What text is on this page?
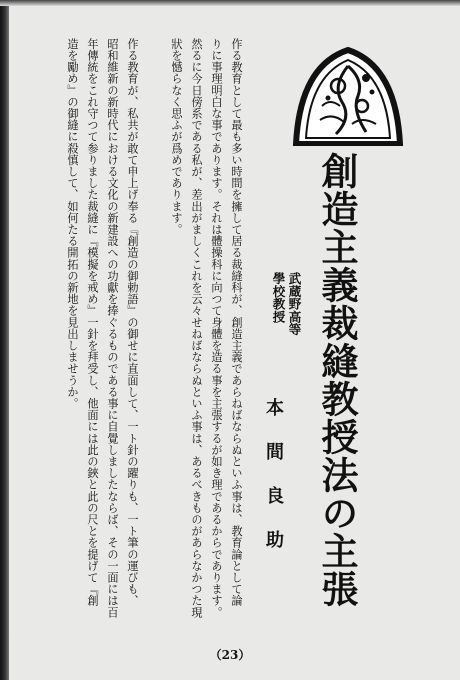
作る教育として最も多い時間を擁して居る裁縫科が、創造主義であらねばならぬといふ事は、教育論として論
りに事理明白な事であります。それは體操科に向つて身體を造る事を主張するが如き理であるからであります。
然るに今日傍系である私が、差出がましくこれを云々せねばならぬといふ事は、あるべきものがあらなかつた現
狀を憾らなく思ふが爲めであります。
作る教育が、私共が敢て申上げ奉る『創造の御勅語』の御せに直面して、一ト針の躍りも、一ト筆の運びも、
昭和維新の新時代における文化の新建設への功獻を捧ぐるものである事に自覺しましたならば、その一面には百
年傳統をこれ守つて参りました裁縫に『模擬を戒め』一針を拜受し、他面には此の鋏と此の尺とを提げて『創
造を勵め』の御縫に殺慎して、如何たる開拓の新地を見出しませうか。	創造主義裁縫教授法の主張
武蔵野高等
學校教授
本間良助
（23）
